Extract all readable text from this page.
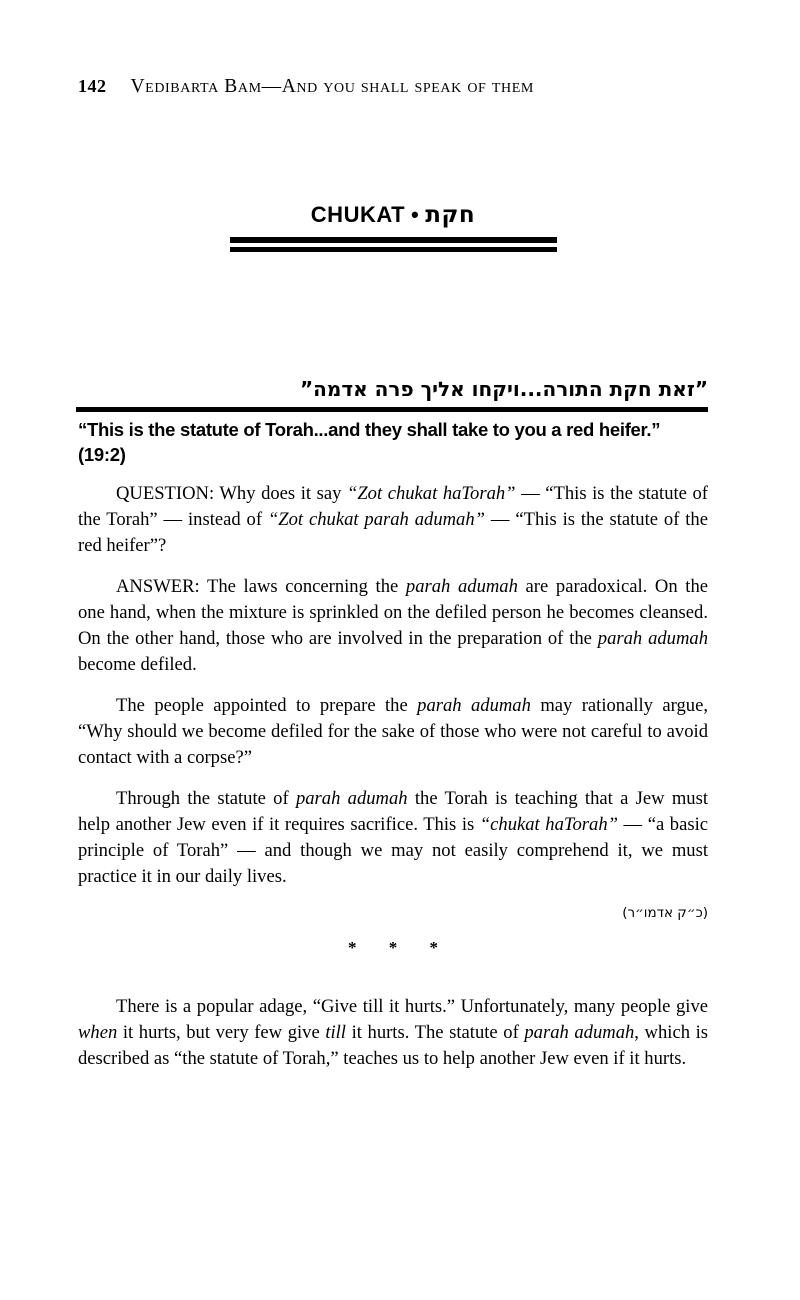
142 Vedibarta Bam—And you shall speak of them
CHUKAT • חקת
”זאת חקת התורה...ויקחו אליך פרה אדמה”
“This is the statute of Torah...and they shall take to you a red heifer.” (19:2)

QUESTION: Why does it say “Zot chukat haTorah” — “This is the statute of the Torah” — instead of “Zot chukat parah adumah” — “This is the statute of the red heifer”?

ANSWER: The laws concerning the parah adumah are paradoxical. On the one hand, when the mixture is sprinkled on the defiled person he becomes cleansed. On the other hand, those who are involved in the preparation of the parah adumah become defiled.

The people appointed to prepare the parah adumah may rationally argue, “Why should we become defiled for the sake of those who were not careful to avoid contact with a corpse?”

Through the statute of parah adumah the Torah is teaching that a Jew must help another Jew even if it requires sacrifice. This is “chukat haTorah” — “a basic principle of Torah” — and though we may not easily comprehend it, we must practice it in our daily lives.

(כ״ק אדמו״ר)
* * *

There is a popular adage, “Give till it hurts.” Unfortunately, many people give when it hurts, but very few give till it hurts. The statute of parah adumah, which is described as “the statute of Torah,” teaches us to help another Jew even if it hurts.
